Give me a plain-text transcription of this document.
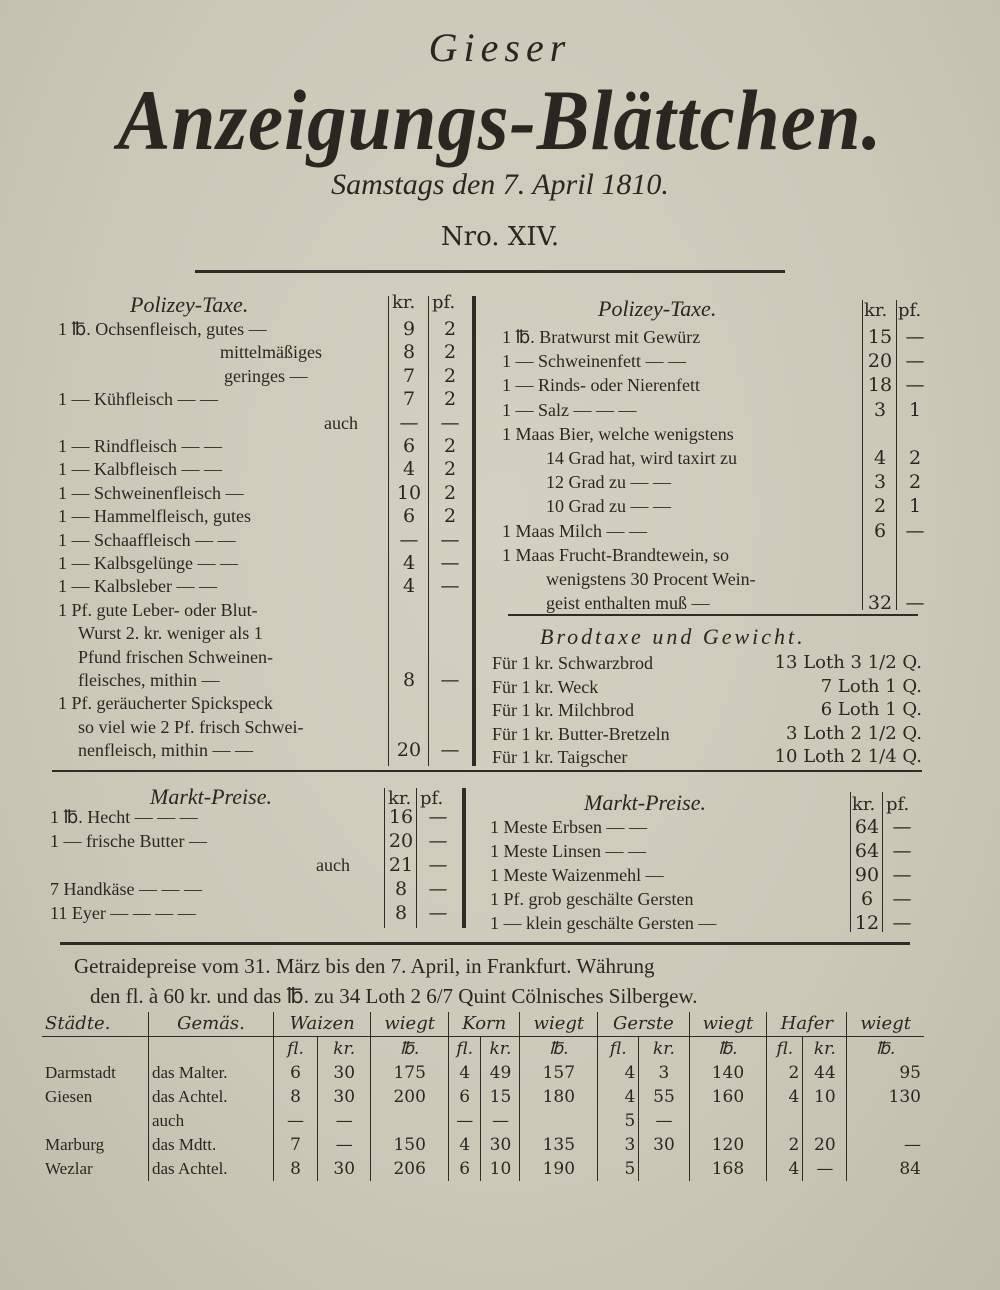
Gieser
Anzeigungs-Blättchen.
Samstags den 7. April 1810.
Nro. XIV.
Polizey-Taxe.	kr. pf.
1 ℔. Ochsenfleisch, gutes —	9	2
mittelmäßiges	8	2
geringes —	7	2
1 — Kühfleisch — —	7	2
auch	—	—
1 — Rindfleisch — —	6	2
1 — Kalbfleisch — —	4	2
1 — Schweinenfleisch —	10	2
1 — Hammelfleisch, gutes	6	2
1 — Schaaffleisch — —	—	—
1 — Kalbsgelünge — —	4	—
1 — Kalbsleber — —	4	—
1 Pf. gute Leber- oder Blut-
Wurst 2. kr. weniger als 1
Pfund frischen Schweinen-
fleisches, mithin —	8	—
1 Pf. geräucherter Spickspeck
so viel wie 2 Pf. frisch Schwei-
nenfleisch, mithin — —	20	—
Polizey-Taxe.	kr. pf.
1 ℔. Bratwurst mit Gewürz	15 —
1 — Schweinenfett — —	20 —
1 — Rinds- oder Nierenfett	18 —
1 — Salz — — —	3	1
1 Maas Bier, welche wenigstens
14 Grad hat, wird taxirt zu	4	2
12 Grad zu — —	3	2
10 Grad zu — —	2	1
1 Maas Milch — —	6	—
1 Maas Frucht-Brandtewein, so
wenigstens 30 Procent Wein-
geist enthalten muß —	32 —
Brodtaxe und Gewicht.
Für 1 kr. Schwarzbrod	13 Loth 3 1/2 Q.
Für 1 kr. Weck	7 Loth 1 Q.
Für 1 kr. Milchbrod	6 Loth 1 Q.
Für 1 kr. Butter-Bretzeln	3 Loth 2 1/2 Q.
Für 1 kr. Taigscher	10 Loth 2 1/4 Q.
Markt-Preise.	kr. pf.
1 ℔. Hecht — — —	16 —
1 — frische Butter —	20 —
auch 21 —
7 Handkäse — — —	8	—
11 Eyer — — — —	8	—
Markt-Preise.	kr. pf.
1 Meste Erbsen — —	64 —
1 Meste Linsen — —	64 —
1 Meste Waizenmehl —	90 —
1 Pf. grob geschälte Gersten	6	—
1 — klein geschälte Gersten —	12 —
Getraidepreise vom 31. März bis den 7. April, in Frankfurt. Währung
den fl. à 60 kr. und das ℔. zu 34 Loth 2 6/7 Quint Cölnisches Silbergew.
Städte.	Gemäs.	Waizen		wiegt	Korn		wiegt	Gerste		wiegt	Hafer		wiegt
		fl.	kr.	℔.	fl.	kr.	℔.	fl.	kr.	℔.	fl.	kr.	℔.
Darmstadt	das Malter.	6	30	175	4	49	157	4	3	140	2	44	95
Giesen	das Achtel.	8	30	200	6	15	180	4	55	160	4	10	130
	auch	—	—		—	—		5	—				
Marburg	das Mdtt.	7	—	150	4	30	135	3	30	120	2	20	—
Wezlar	das Achtel.	8	30	206	6	10	190	5		168	4	—	84
